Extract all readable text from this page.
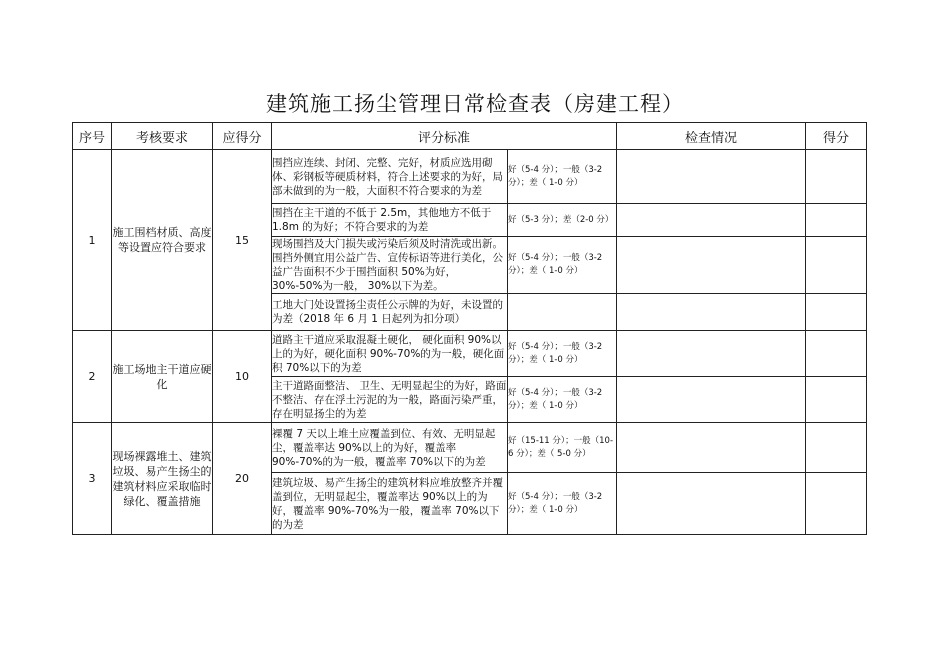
建筑施工扬尘管理日常检查表（房建工程）
序号	考核要求	应得分	评分标准		检查情况	得分
1	施工围档材质、高度等设置应符合要求	15	围挡应连续、封闭、完整、完好，材质应选用砌体、彩钢板等硬质材料，符合上述要求的为好，局部未做到的为一般，大面积不符合要求的为差	好（5-4 分）；一般（3-2 分）；差（ 1-0 分）		
			围挡在主干道的不低于 2.5m，其他地方不低于 1.8m 的为好；不符合要求的为差	好（5-3 分）；差（2-0 分）		
			现场围挡及大门损失或污染后须及时清洗或出新。围挡外侧宜用公益广告、宣传标语等进行美化，公益广告面积不少于围挡面积 50%为好， 30%-50%为一般， 30%以下为差。	好（5-4 分）；一般（3-2 分）；差（ 1-0 分）		
			工地大门处设置扬尘责任公示牌的为好，未设置的为差（2018 年 6 月 1 日起列为扣分项）			
2	施工场地主干道应硬化	10	道路主干道应采取混凝土硬化， 硬化面积 90%以上的为好，硬化面积 90%-70%的为一般，硬化面积 70%以下的为差	好（5-4 分）；一般（3-2 分）；差（ 1-0 分）		
			主干道路面整洁、 卫生、无明显起尘的为好，路面不整洁、存在浮土污泥的为一般，路面污染严重，存在明显扬尘的为差	好（5-4 分）；一般（3-2 分）；差（ 1-0 分）		
3	现场裸露堆土、建筑垃圾、易产生扬尘的建筑材料应采取临时绿化、覆盖措施	20	裸覆 7 天以上堆土应覆盖到位、有效、无明显起尘，覆盖率达 90%以上的为好，覆盖率 90%-70%的为一般，覆盖率 70%以下的为差	好（15-11 分）；一般（10-6 分）；差（ 5-0 分）		
			建筑垃圾、易产生扬尘的建筑材料应堆放整齐并覆盖到位，无明显起尘，覆盖率达 90%以上的为好，覆盖率 90%-70%为一般，覆盖率 70%以下的为差	好（5-4 分）；一般（3-2 分）；差（ 1-0 分）		
